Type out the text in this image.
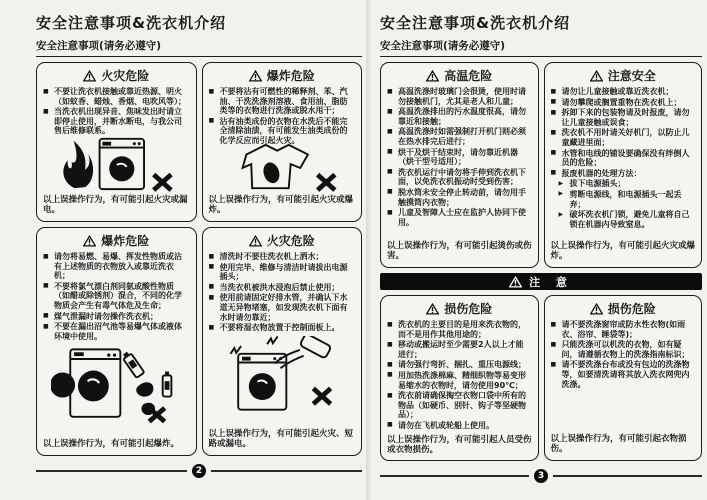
安全注意事项&洗衣机介绍
安全注意事项(请务必遵守)
火灾危险
■ 不要让洗衣机接触或靠近热源、明火（如蚊香、蜡烛、香烟、电吹风等）；
■ 当洗衣机出现异音、焦味发出时请立即停止使用，并断水断电，与我公司售后维修联系。
以上误操作行为，有可能引起火灾或漏电。
爆炸危险
■ 不要将沾有可燃性的稀释剂、苯、汽油、干洗洗涤剂溶液、食用油、脂肪类等的衣物进行洗涤或脱水甩干；
■ 沾有油类成份的衣物在水洗后不能完全清除油渍，有可能发生油类成份的化学反应而引起火灾。
以上误操作行为，有可能引起火灾或爆炸。
爆炸危险
■ 请勿将易燃、易爆、挥发性物质或沾有上述物质的衣物放入或靠近洗衣机；
■ 不要将氯气漂白剂同氨或酸性物质（如醋或除锈剂）混合，不同的化学物质会产生有毒气体危及生命；
■ 煤气泄漏时请勿操作洗衣机；
■ 不要在漏出沼气池等易爆气体或液体环境中使用。
以上误操作行为，有可能引起爆炸。
火灾危险
■ 清洗时不要往洗衣机上洒水；
■ 使用完毕、维修与清洁时请拔出电源插头；
■ 当洗衣机被洪水浸泡后禁止使用；
■ 使用前请固定好排水管，并确认下水道无异物堵塞，如发现洗衣机下面有水时请勿靠近；
■ 不要将湿衣物放置于控制面板上。
以上误操作行为，有可能引起火灾、短路或漏电。
2
安全注意事项&洗衣机介绍
安全注意事项(请务必遵守)
高温危险
■ 高温洗涤时玻璃门会很烫，使用时请勿接触机门，尤其是老人和儿童；
■ 高温洗涤排出的污水温度很高，请勿靠近和接触；
■ 高温洗涤时如需强制打开机门则必须在热水排完后进行；
■ 烘干及烘干结束时，请勿靠近机器（烘干型号适用）；
■ 洗衣机运行中请勿将手伸到洗衣机下面，以免洗衣机振动时受到伤害；
■ 脱水筒未安全停止转动前，请勿用手触摸筒内衣物；
■ 儿童及智障人士应在监护人协同下使用。
以上误操作行为，有可能引起烫伤或伤害。
注意安全
■ 请勿让儿童接触或靠近洗衣机；
■ 请勿攀爬或搁置重物在洗衣机上；
■ 拆卸下来的包装物请及时报废，请勿让儿童接触或误食；
■ 洗衣机不用时请关好机门，以防止儿童藏进里面；
■ 水管和电线的铺设要确保没有绊倒人员的危险；
■ 报废机器的处理方法：
▶ 拔下电源插头；
▶ 剪断电源线，和电源插头一起丢弃；
▶ 破坏洗衣机门锁，避免儿童将自己锁在机器内导致窒息。
以上误操作行为，有可能引起火灾或爆炸。
注 意
损伤危险
■ 洗衣机的主要目的是用来洗衣物的，而不是用作其他用途的；
■ 移动或搬运时至少需要2人以上才能进行；
■ 请勿强行弯折、捆扎、重压电源线；
■ 用加热洗涤棉麻、精细织物等易变形易缩水的衣物时，请勿使用90℃；
■ 洗衣前请确保掏空衣物口袋中所有的物品（如硬币、别针、钩子等坚硬物品）；
■ 请勿在飞机或轮船上使用。
以上误操作行为，有可能引起人员受伤或衣物损伤。
损伤危险
■ 请不要洗涤窗帘或防水性衣物(如雨衣、浴帘、睡袋等)；
■ 只能洗涤可以机洗的衣物，如有疑问，请遵循衣物上的洗涤指南标识；
■ 请不要洗涤台布或没有包边的洗涤物等，如要清洗请将其放入洗衣网兜内洗涤。
以上误操作行为，有可能引起衣物损伤。
3
